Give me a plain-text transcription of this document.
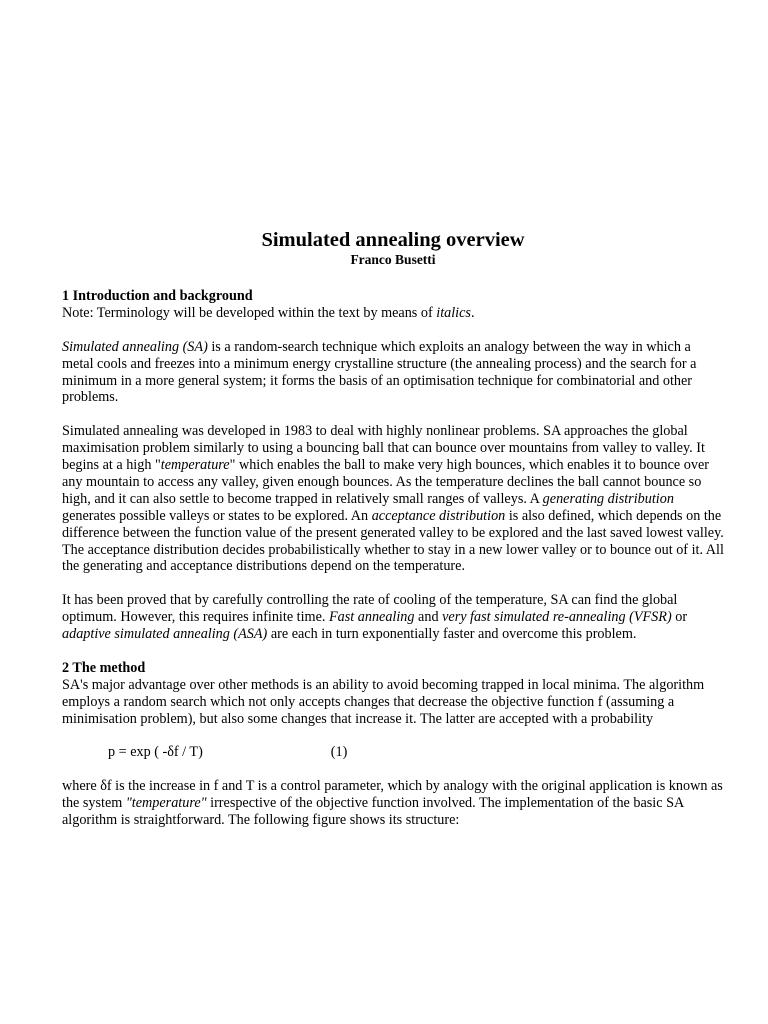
Simulated annealing overview
Franco Busetti
1 Introduction and background

Note: Terminology will be developed within the text by means of italics.

Simulated annealing (SA) is a random-search technique which exploits an analogy between the way in which a metal cools and freezes into a minimum energy crystalline structure (the annealing process) and the search for a minimum in a more general system; it forms the basis of an optimisation technique for combinatorial and other problems.

Simulated annealing was developed in 1983 to deal with highly nonlinear problems. SA approaches the global maximisation problem similarly to using a bouncing ball that can bounce over mountains from valley to valley. It begins at a high "temperature" which enables the ball to make very high bounces, which enables it to bounce over any mountain to access any valley, given enough bounces. As the temperature declines the ball cannot bounce so high, and it can also settle to become trapped in relatively small ranges of valleys. A generating distribution generates possible valleys or states to be explored. An acceptance distribution is also defined, which depends on the difference between the function value of the present generated valley to be explored and the last saved lowest valley. The acceptance distribution decides probabilistically whether to stay in a new lower valley or to bounce out of it. All the generating and acceptance distributions depend on the temperature.

It has been proved that by carefully controlling the rate of cooling of the temperature, SA can find the global optimum. However, this requires infinite time. Fast annealing and very fast simulated re-annealing (VFSR) or adaptive simulated annealing (ASA) are each in turn exponentially faster and overcome this problem.

2 The method

SA's major advantage over other methods is an ability to avoid becoming trapped in local minima. The algorithm employs a random search which not only accepts changes that decrease the objective function f (assuming a minimisation problem), but also some changes that increase it. The latter are accepted with a probability

p = exp ( -δf / T)	(1)

where δf is the increase in f and T is a control parameter, which by analogy with the original application is known as the system "temperature" irrespective of the objective function involved. The implementation of the basic SA algorithm is straightforward. The following figure shows its structure:
